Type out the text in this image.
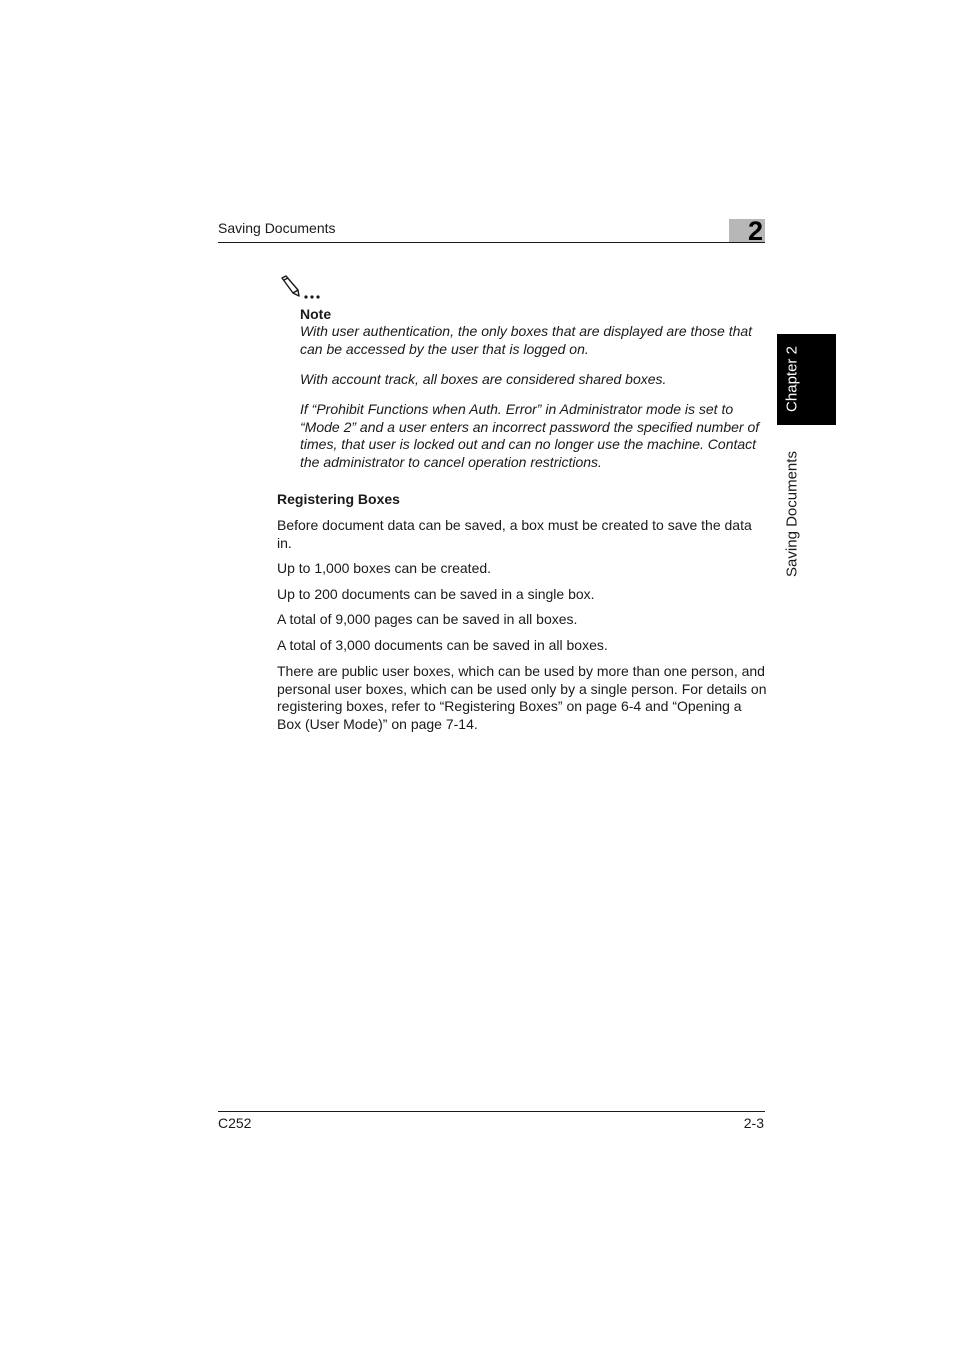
Saving Documents	2
Chapter 2
Saving Documents
Note

With user authentication, the only boxes that are displayed are those that can be accessed by the user that is logged on.

With account track, all boxes are considered shared boxes.

If “Prohibit Functions when Auth. Error” in Administrator mode is set to “Mode 2” and a user enters an incorrect password the specified number of times, that user is locked out and can no longer use the machine. Contact the administrator to cancel operation restrictions.

Registering Boxes

Before document data can be saved, a box must be created to save the data in.

Up to 1,000 boxes can be created.

Up to 200 documents can be saved in a single box.

A total of 9,000 pages can be saved in all boxes.

A total of 3,000 documents can be saved in all boxes.

There are public user boxes, which can be used by more than one person, and personal user boxes, which can be used only by a single person. For details on registering boxes, refer to “Registering Boxes” on page 6-4 and “Opening a Box (User Mode)” on page 7-14.

C252	2-3
